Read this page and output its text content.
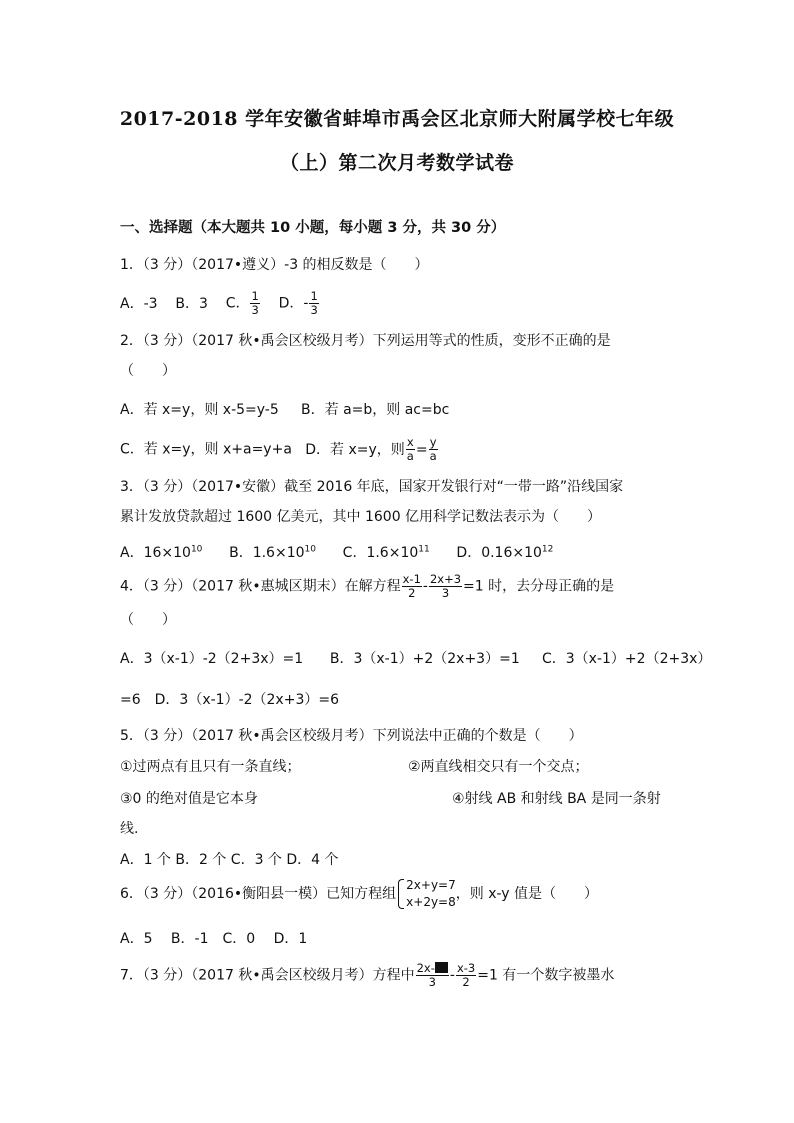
2017-2018 学年安徽省蚌埠市禹会区北京师大附属学校七年级
（上）第二次月考数学试卷
一、选择题（本大题共 10 小题，每小题 3 分，共 30 分）
1．（3 分）（2017•遵义）-3 的相反数是（　　）
A．-3 B．3 C． $\frac{1}{3}$ D．- $\frac{1}{3}$
2．（3 分）（2017 秋•禹会区校级月考）下列运用等式的性质，变形不正确的是
（　　）
A．若 x=y，则 x-5=y-5 B．若 a=b，则 ac=bc
C．若 x=y，则 x+a=y+a D．若 x=y，则 $\frac{x}{a} = \frac{y}{a}$
3．（3 分）（2017•安徽）截至 2016 年底，国家开发银行对“一带一路”沿线国家
累计发放贷款超过 1600 亿美元，其中 1600 亿用科学记数法表示为（　　）
A．$16\times 10^{10}$ B．$1.6\times 10^{10}$ C．$1.6\times 10^{11}$ D．$0.16\times 10^{12}$
4．（3 分）（2017 秋•惠城区期末）在解方程 $\frac{x-1}{2} - \frac{2x+3}{3} =1$ 时，去分母正确的是
（　　）
A．3（x-1）-2（2+3x）=1 B．3（x-1）+2（2x+3）=1 C．3（x-1）+2（2+3x）
=6　D．3（x-1）-2（2x+3）=6
5．（3 分）（2017 秋•禹会区校级月考）下列说法中正确的个数是（　　）
①过两点有且只有一条直线；	②两直线相交只有一个交点；
③0 的绝对值是它本身	④射线 AB 和射线 BA 是同一条射
线.
A．1 个 B．2 个 C．3 个 D．4 个
6．（3 分）（2016•衡阳县一模）已知方程组
2x+y=7
x+2y=8 ，则 x-y 值是（　　）
A．5　 B．-1　C．0　 D．1
7．（3 分）（2017 秋•禹会区校级月考）方程中 $\frac{2x-}{3} - \frac{x-3}{2} =1$ 有一个数字被墨水
